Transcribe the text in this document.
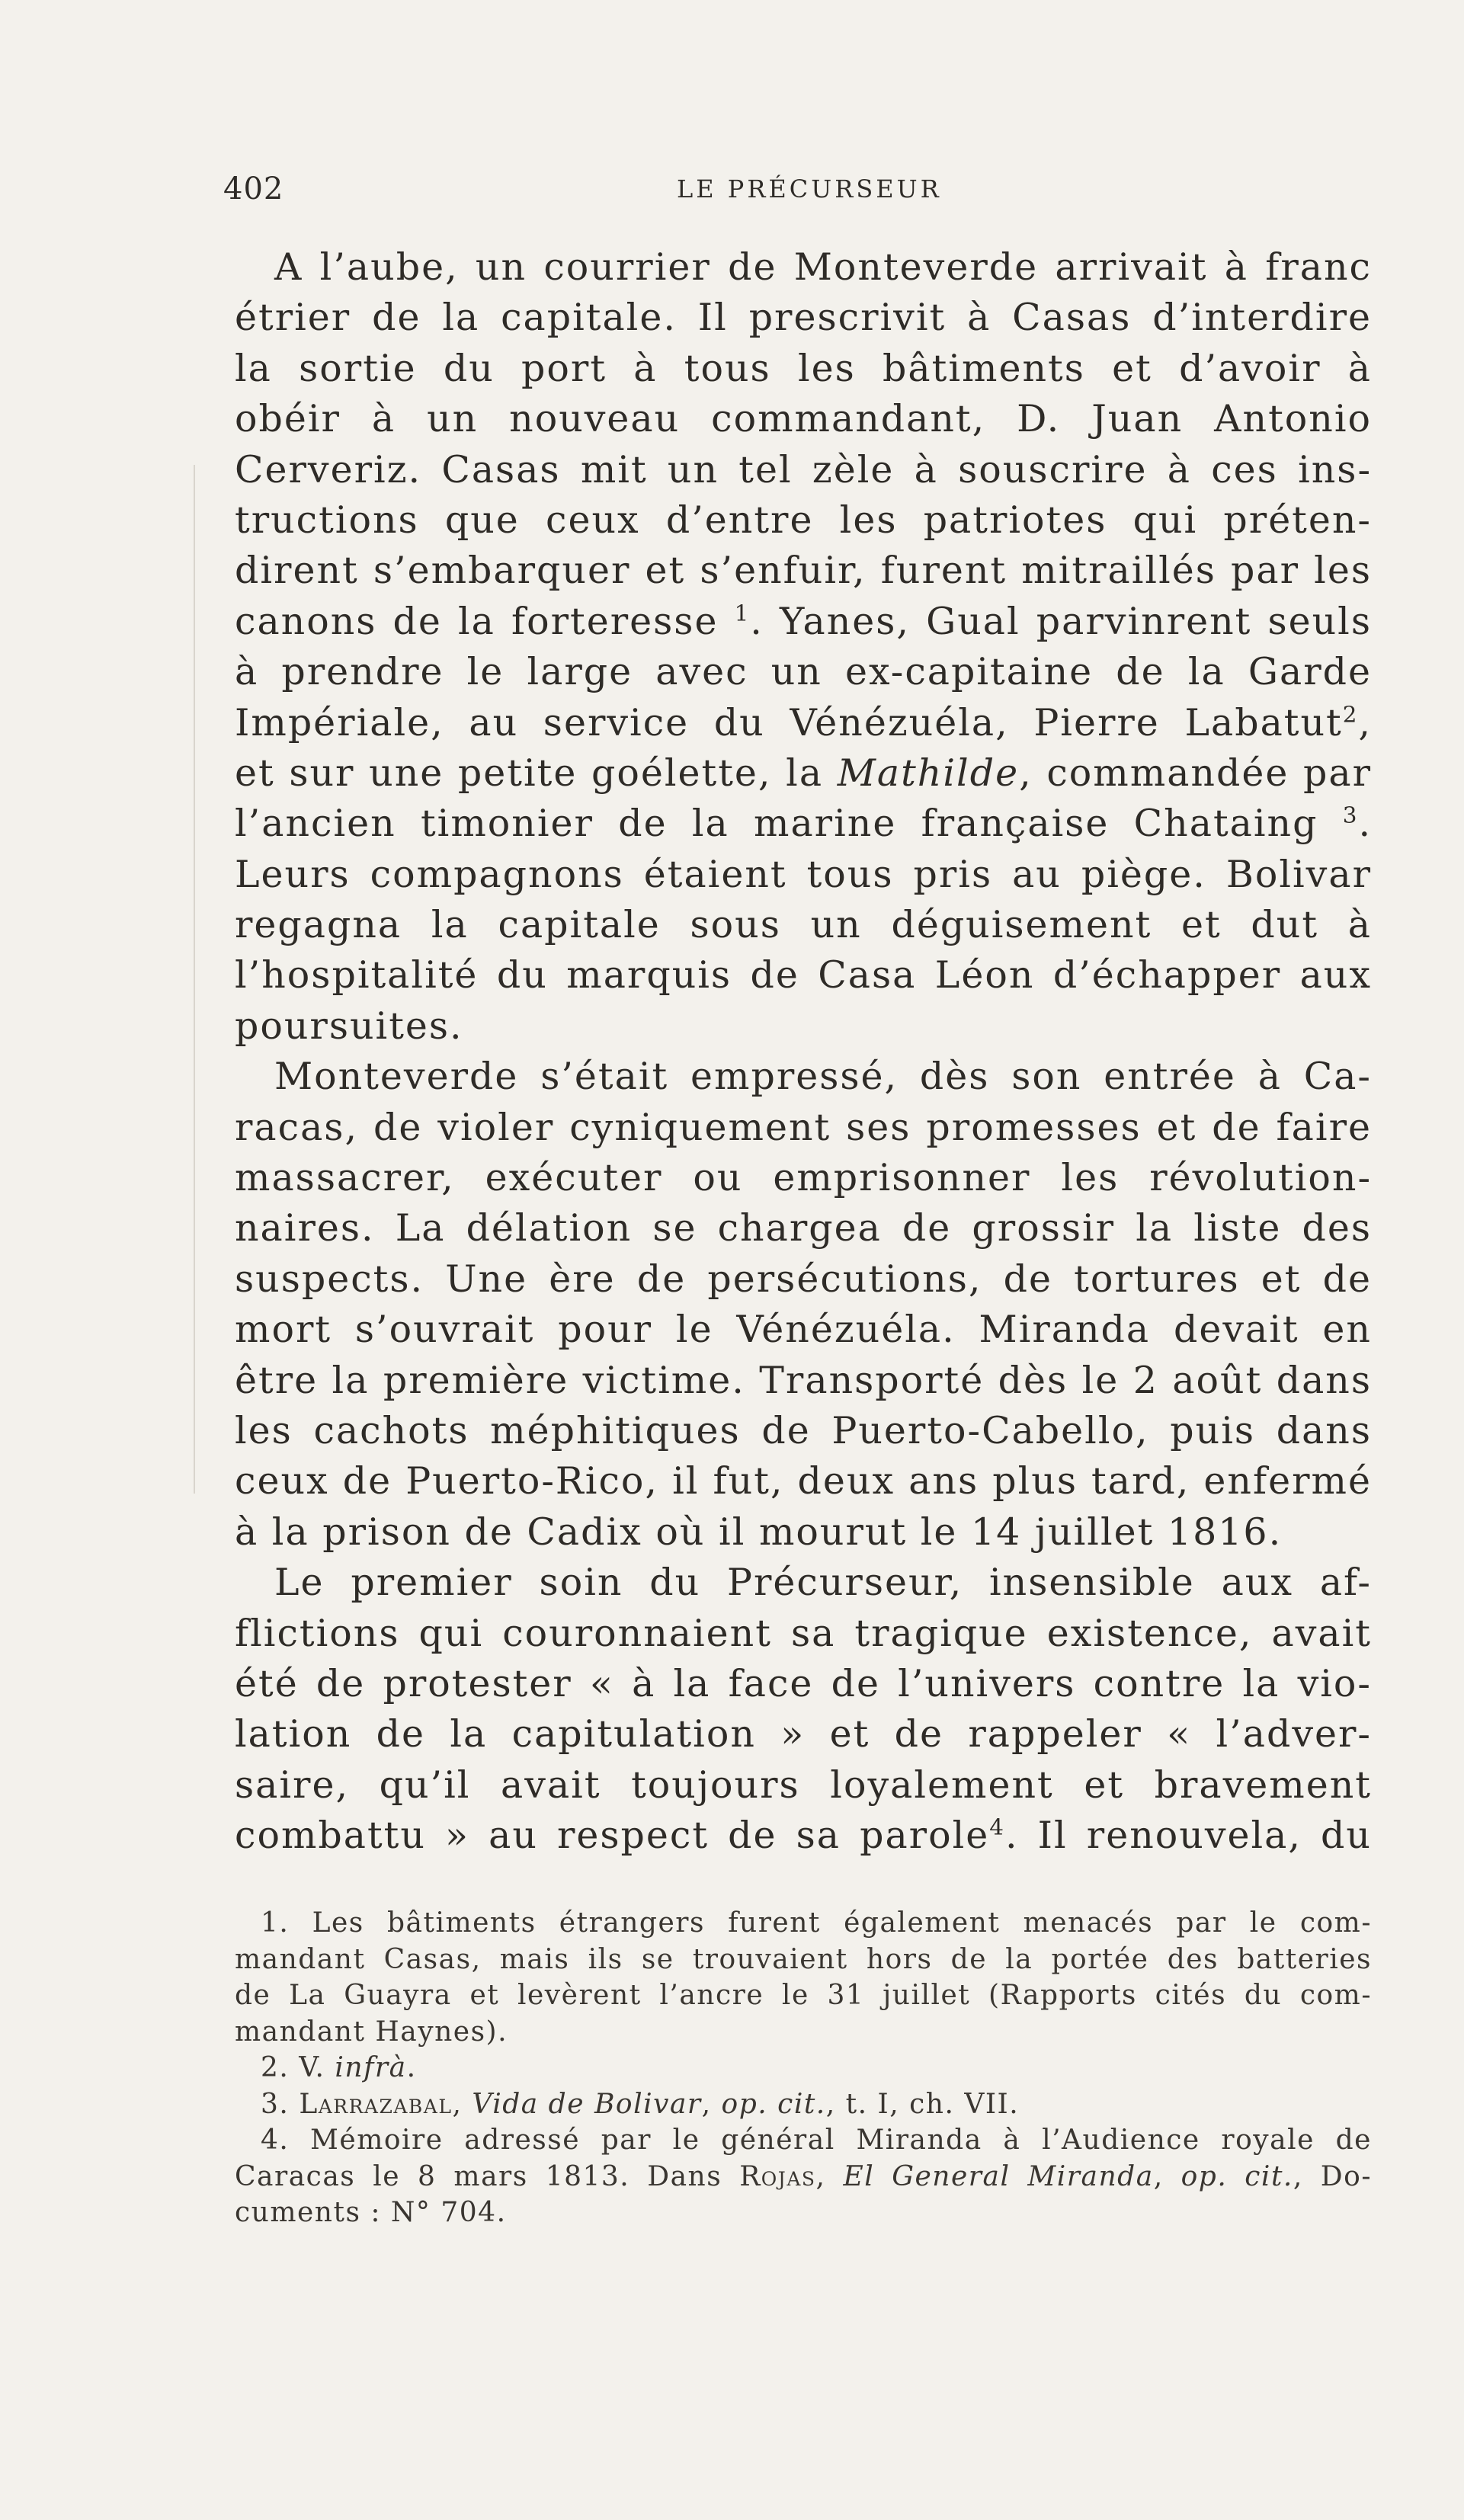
402	LE PRÉCURSEUR
A l’aube, un courrier de Monteverde arrivait à franc
étrier de la capitale. Il prescrivit à Casas d’interdire
la sortie du port à tous les bâtiments et d’avoir à
obéir à un nouveau commandant, D. Juan Antonio
Cerveriz. Casas mit un tel zèle à souscrire à ces ins-
tructions que ceux d’entre les patriotes qui préten-
dirent s’embarquer et s’enfuir, furent mitraillés par les
canons de la forteresse $^1$. Yanes, Gual parvinrent seuls
à prendre le large avec un ex-capitaine de la Garde
Impériale, au service du Vénézuéla, Pierre Labatut$^2$,
et sur une petite goélette, la Mathilde, commandée par
l’ancien timonier de la marine française Chataing $^3$.
Leurs compagnons étaient tous pris au piège. Bolivar
regagna la capitale sous un déguisement et dut à
l’hospitalité du marquis de Casa Léon d’échapper aux
poursuites.
Monteverde s’était empressé, dès son entrée à Ca-
racas, de violer cyniquement ses promesses et de faire
massacrer, exécuter ou emprisonner les révolution-
naires. La délation se chargea de grossir la liste des
suspects. Une ère de persécutions, de tortures et de
mort s’ouvrait pour le Vénézuéla. Miranda devait en
être la première victime. Transporté dès le 2 août dans
les cachots méphitiques de Puerto-Cabello, puis dans
ceux de Puerto-Rico, il fut, deux ans plus tard, enfermé
à la prison de Cadix où il mourut le 14 juillet 1816.
Le premier soin du Précurseur, insensible aux af-
flictions qui couronnaient sa tragique existence, avait
été de protester « à la face de l’univers contre la vio-
lation de la capitulation » et de rappeler « l’adver-
saire, qu’il avait toujours loyalement et bravement
combattu » au respect de sa parole$^4$. Il renouvela, du
1. Les bâtiments étrangers furent également menacés par le com-
mandant Casas, mais ils se trouvaient hors de la portée des batteries
de La Guayra et levèrent l’ancre le 31 juillet (Rapports cités du com-
mandant Haynes).
2. V. infrà.
3. Larrazabal, Vida de Bolivar, op. cit., t. I, ch. VII.
4. Mémoire adressé par le général Miranda à l’Audience royale de
Caracas le 8 mars 1813. Dans Rojas, El General Miranda, op. cit., Do-
cuments : N° 704.
